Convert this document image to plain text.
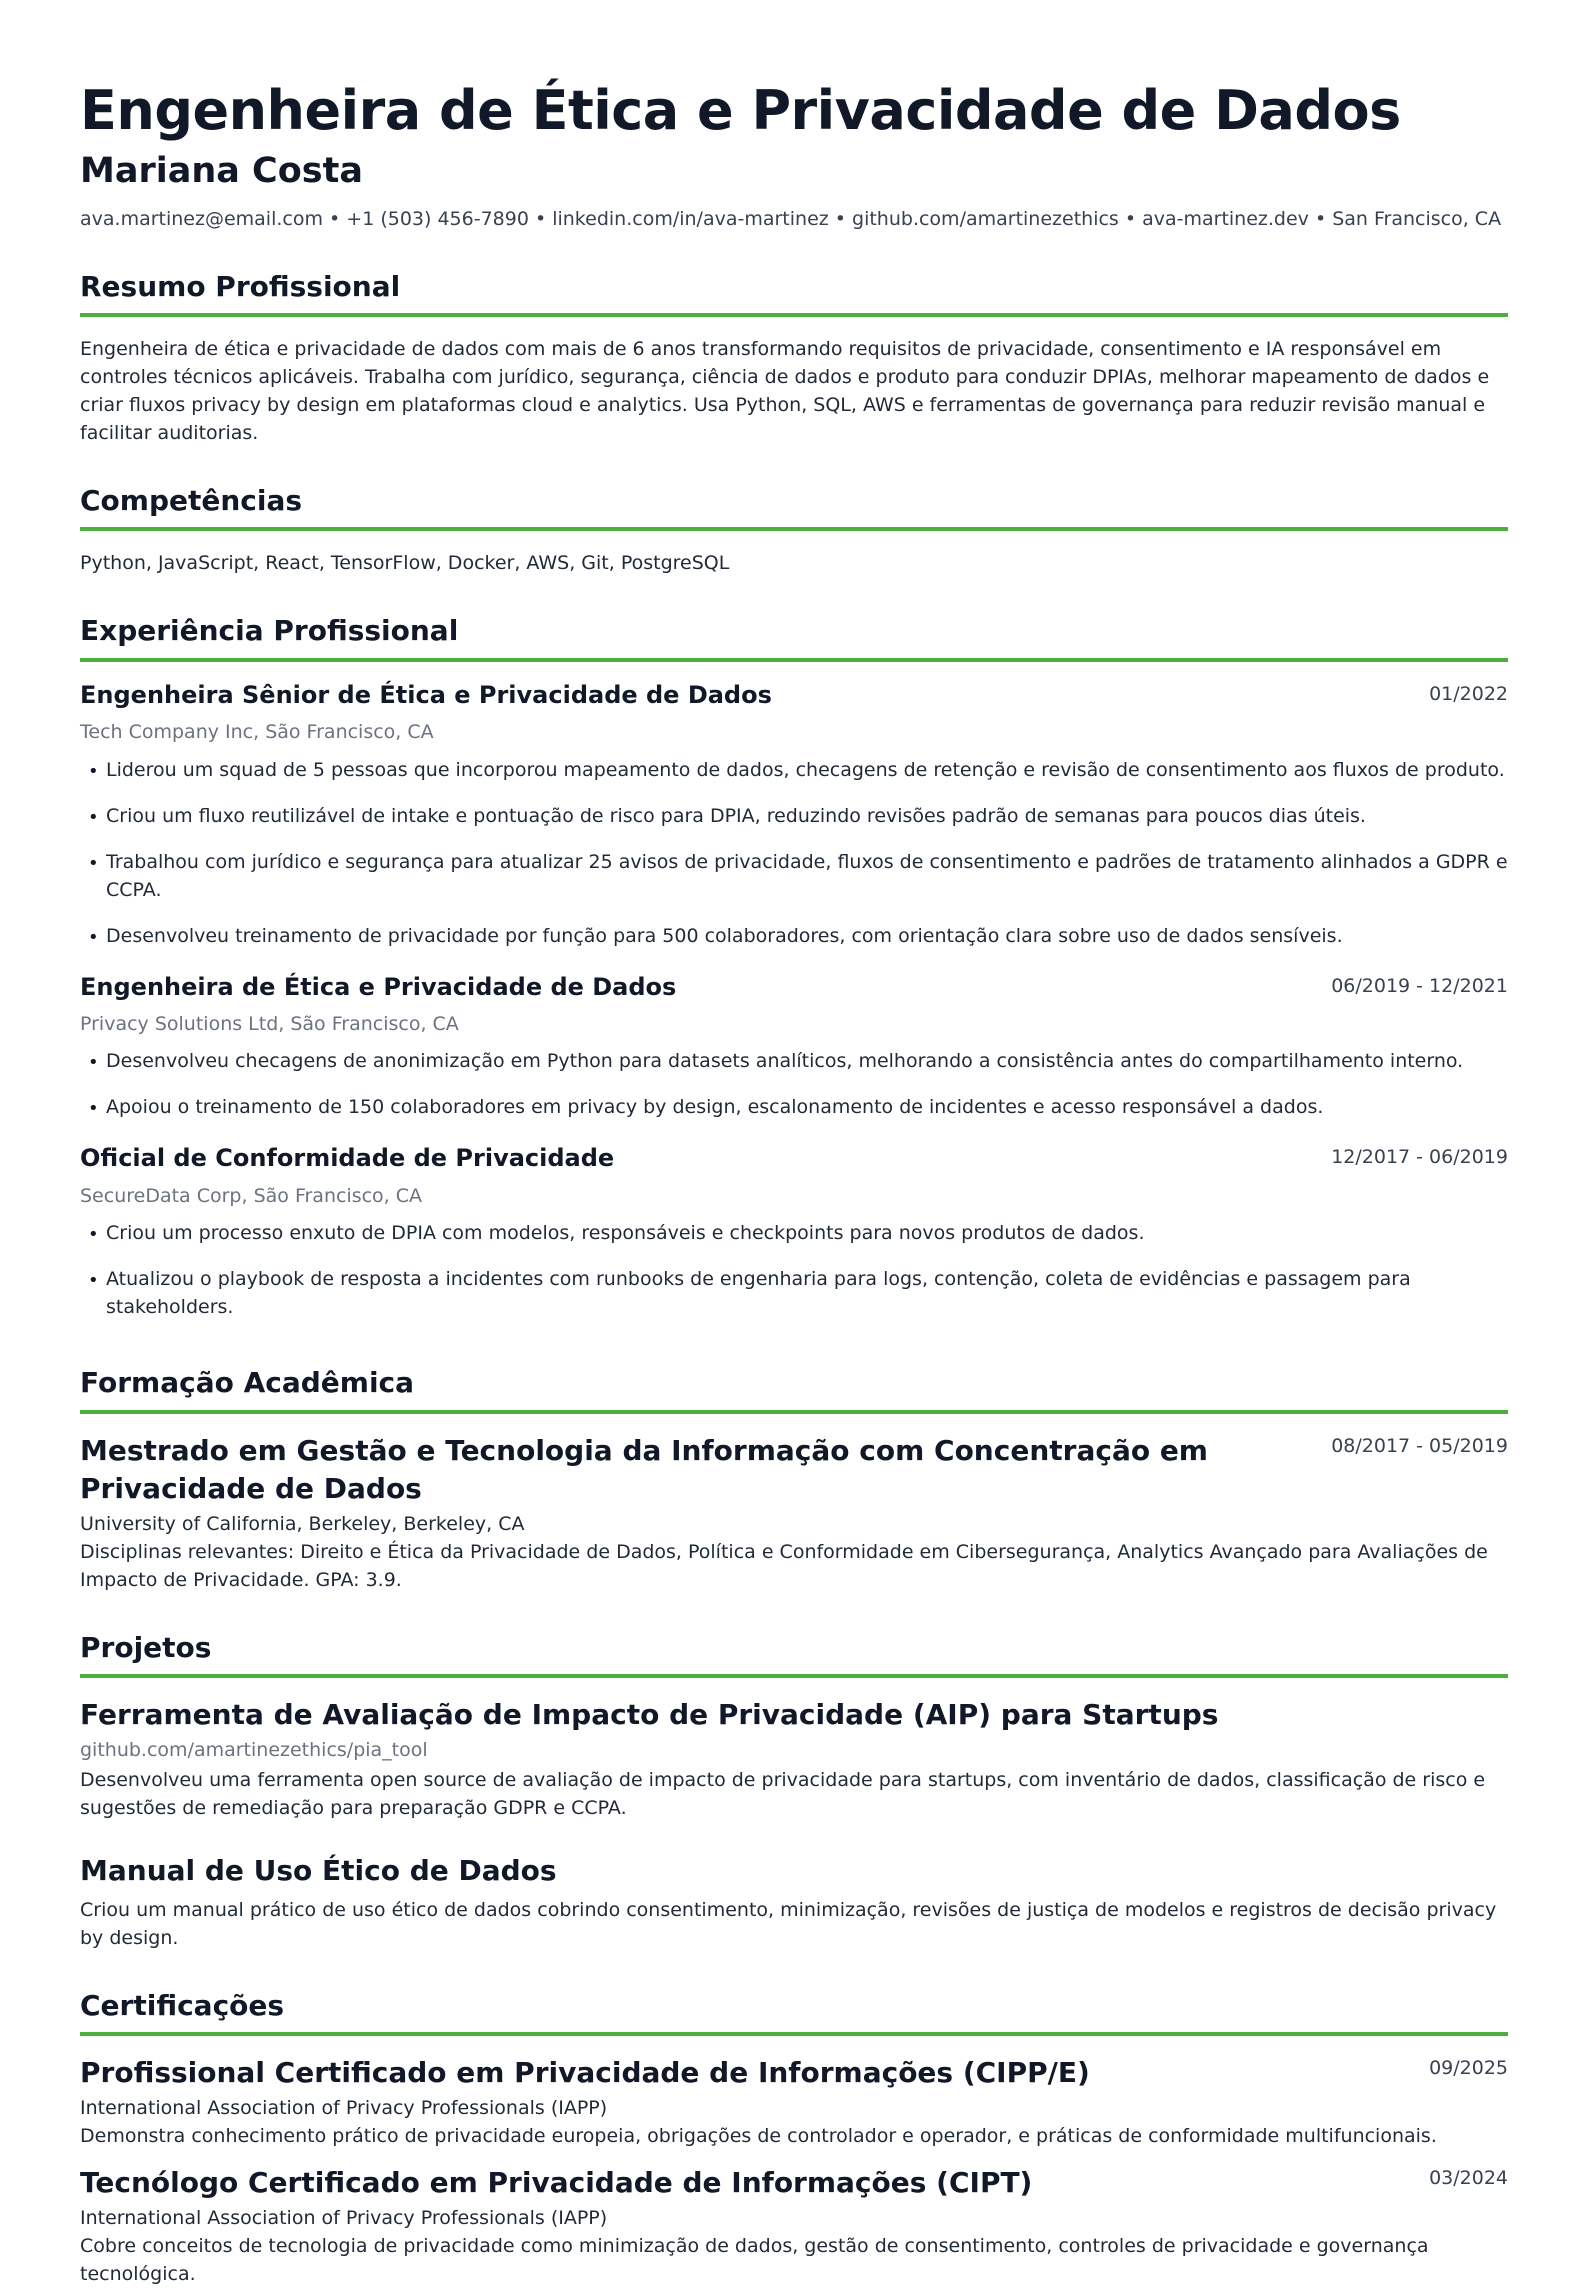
Engenheira de Ética e Privacidade de Dados
Mariana Costa
ava.martinez@email.com • +1 (503) 456-7890 • linkedin.com/in/ava-martinez • github.com/amartinezethics • ava-martinez.dev • San Francisco, CA
Resumo Profissional
Engenheira de ética e privacidade de dados com mais de 6 anos transformando requisitos de privacidade, consentimento e IA responsável em controles técnicos aplicáveis. Trabalha com jurídico, segurança, ciência de dados e produto para conduzir DPIAs, melhorar mapeamento de dados e criar fluxos privacy by design em plataformas cloud e analytics. Usa Python, SQL, AWS e ferramentas de governança para reduzir revisão manual e facilitar auditorias.
Competências
Python, JavaScript, React, TensorFlow, Docker, AWS, Git, PostgreSQL
Experiência Profissional
Engenheira Sênior de Ética e Privacidade de Dados	01/2022
Tech Company Inc, São Francisco, CA
• Liderou um squad de 5 pessoas que incorporou mapeamento de dados, checagens de retenção e revisão de consentimento aos fluxos de produto.
• Criou um fluxo reutilizável de intake e pontuação de risco para DPIA, reduzindo revisões padrão de semanas para poucos dias úteis.
• Trabalhou com jurídico e segurança para atualizar 25 avisos de privacidade, fluxos de consentimento e padrões de tratamento alinhados a GDPR e CCPA.
• Desenvolveu treinamento de privacidade por função para 500 colaboradores, com orientação clara sobre uso de dados sensíveis.
Engenheira de Ética e Privacidade de Dados	06/2019 - 12/2021
Privacy Solutions Ltd, São Francisco, CA
• Desenvolveu checagens de anonimização em Python para datasets analíticos, melhorando a consistência antes do compartilhamento interno.
• Apoiou o treinamento de 150 colaboradores em privacy by design, escalonamento de incidentes e acesso responsável a dados.
Oficial de Conformidade de Privacidade	12/2017 - 06/2019
SecureData Corp, São Francisco, CA
• Criou um processo enxuto de DPIA com modelos, responsáveis e checkpoints para novos produtos de dados.
• Atualizou o playbook de resposta a incidentes com runbooks de engenharia para logs, contenção, coleta de evidências e passagem para stakeholders.
Formação Acadêmica
Mestrado em Gestão e Tecnologia da Informação com Concentração em Privacidade de Dados
08/2017 - 05/2019
University of California, Berkeley, Berkeley, CA
Disciplinas relevantes: Direito e Ética da Privacidade de Dados, Política e Conformidade em Cibersegurança, Analytics Avançado para Avaliações de Impacto de Privacidade. GPA: 3.9.
Projetos
Ferramenta de Avaliação de Impacto de Privacidade (AIP) para Startups
github.com/amartinezethics/pia_tool
Desenvolveu uma ferramenta open source de avaliação de impacto de privacidade para startups, com inventário de dados, classificação de risco e sugestões de remediação para preparação GDPR e CCPA.
Manual de Uso Ético de Dados
Criou um manual prático de uso ético de dados cobrindo consentimento, minimização, revisões de justiça de modelos e registros de decisão privacy by design.
Certificações
Profissional Certificado em Privacidade de Informações (CIPP/E)	09/2025
International Association of Privacy Professionals (IAPP)
Demonstra conhecimento prático de privacidade europeia, obrigações de controlador e operador, e práticas de conformidade multifuncionais.
Tecnólogo Certificado em Privacidade de Informações (CIPT)	03/2024
International Association of Privacy Professionals (IAPP)
Cobre conceitos de tecnologia de privacidade como minimização de dados, gestão de consentimento, controles de privacidade e governança tecnológica.
